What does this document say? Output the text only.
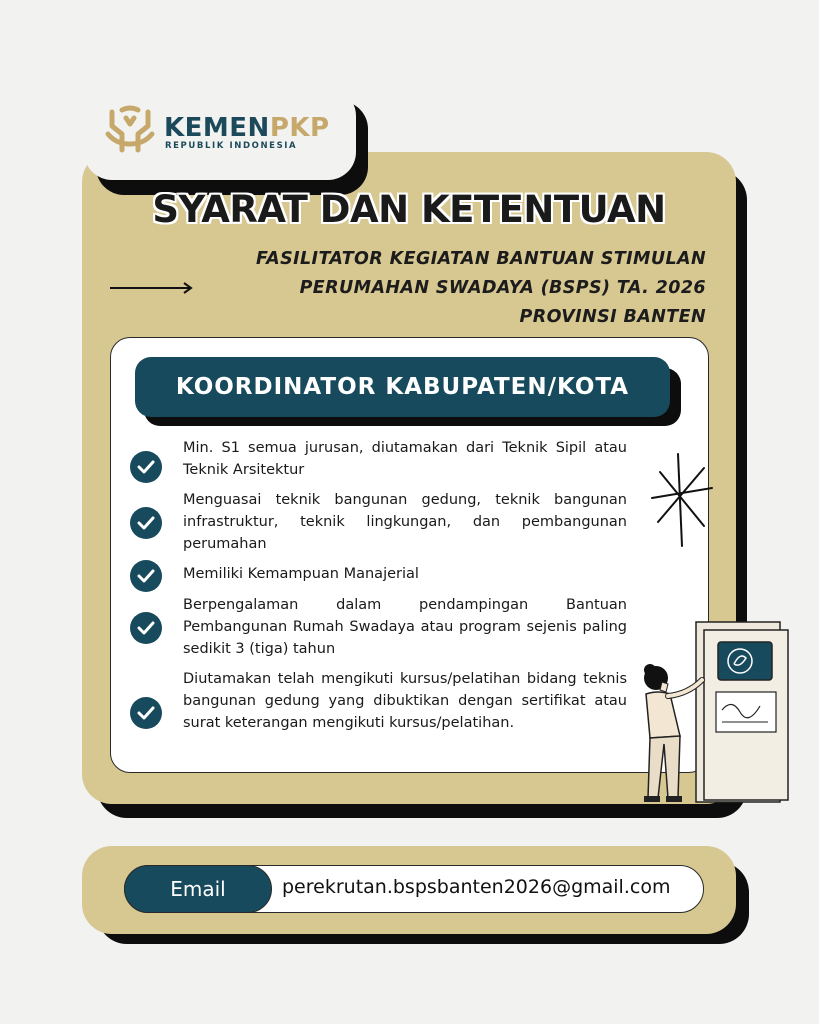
KEMENPKP
REPUBLIK INDONESIA
SYARAT DAN KETENTUAN
FASILITATOR KEGIATAN BANTUAN STIMULAN
PERUMAHAN SWADAYA (BSPS) TA. 2026
PROVINSI BANTEN
KOORDINATOR KABUPATEN/KOTA
Min. S1 semua jurusan, diutamakan dari Teknik Sipil atau Teknik Arsitektur
Menguasai teknik bangunan gedung, teknik bangunan infrastruktur, teknik lingkungan, dan pembangunan perumahan
Memiliki Kemampuan Manajerial
Berpengalaman dalam pendampingan Bantuan Pembangunan Rumah Swadaya atau program sejenis paling sedikit 3 (tiga) tahun
Diutamakan telah mengikuti kursus/pelatihan bidang teknis bangunan gedung yang dibuktikan dengan sertifikat atau surat keterangan mengikuti kursus/pelatihan.
Email	perekrutan.bspsbanten2026@gmail.com
